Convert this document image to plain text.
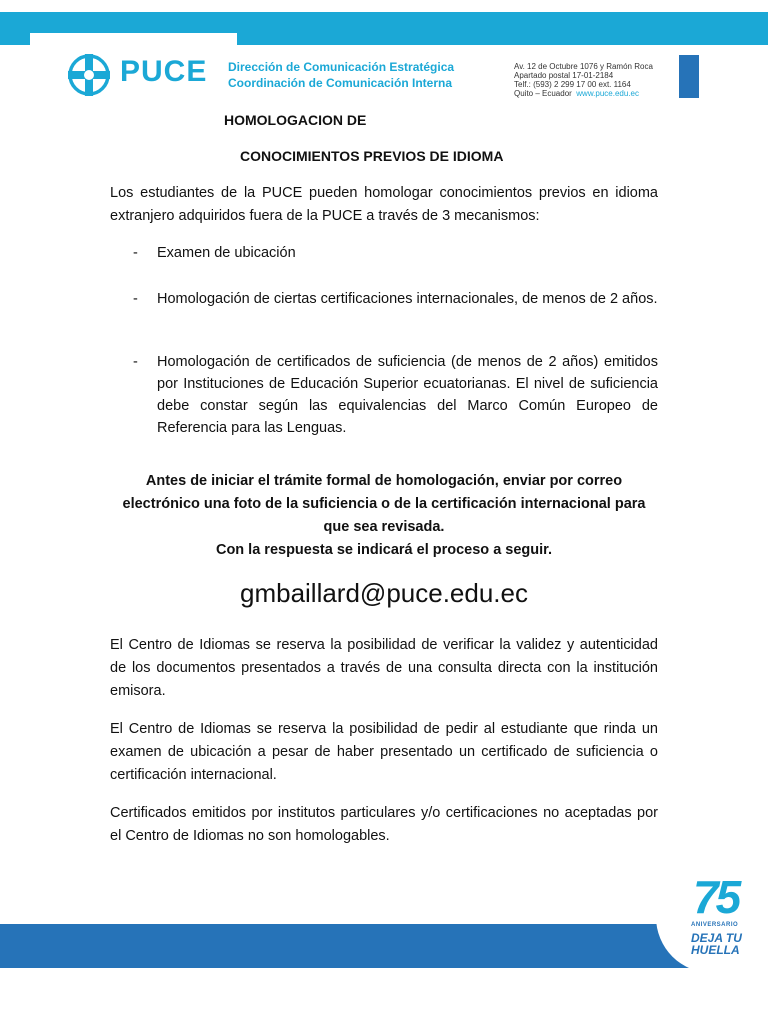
PUCE Dirección de Comunicación Estratégica
Coordinación de Comunicación Interna
Av. 12 de Octubre 1076 y Ramón Roca
Apartado postal 17-01-2184
Telf.: (593) 2 299 17 00 ext. 1164
Quito – Ecuador www.puce.edu.ec
HOMOLOGACION DE
CONOCIMIENTOS PREVIOS DE IDIOMA
Los estudiantes de la PUCE pueden homologar conocimientos previos en idioma extranjero adquiridos fuera de la PUCE a través de 3 mecanismos:
- Examen de ubicación
- Homologación de ciertas certificaciones internacionales, de menos de 2 años.
- Homologación de certificados de suficiencia (de menos de 2 años) emitidos por Instituciones de Educación Superior ecuatorianas. El nivel de suficiencia debe constar según las equivalencias del Marco Común Europeo de Referencia para las Lenguas.
Antes de iniciar el trámite formal de homologación, enviar por correo electrónico una foto de la suficiencia o de la certificación internacional para que sea revisada.
Con la respuesta se indicará el proceso a seguir.
gmbaillard@puce.edu.ec
El Centro de Idiomas se reserva la posibilidad de verificar la validez y autenticidad de los documentos presentados a través de una consulta directa con la institución emisora.
El Centro de Idiomas se reserva la posibilidad de pedir al estudiante que rinda un examen de ubicación a pesar de haber presentado un certificado de suficiencia o certificación internacional.
Certificados emitidos por institutos particulares y/o certificaciones no aceptadas por el Centro de Idiomas no son homologables.
75
ANIVERSARIO
DEJA TU
HUELLA
